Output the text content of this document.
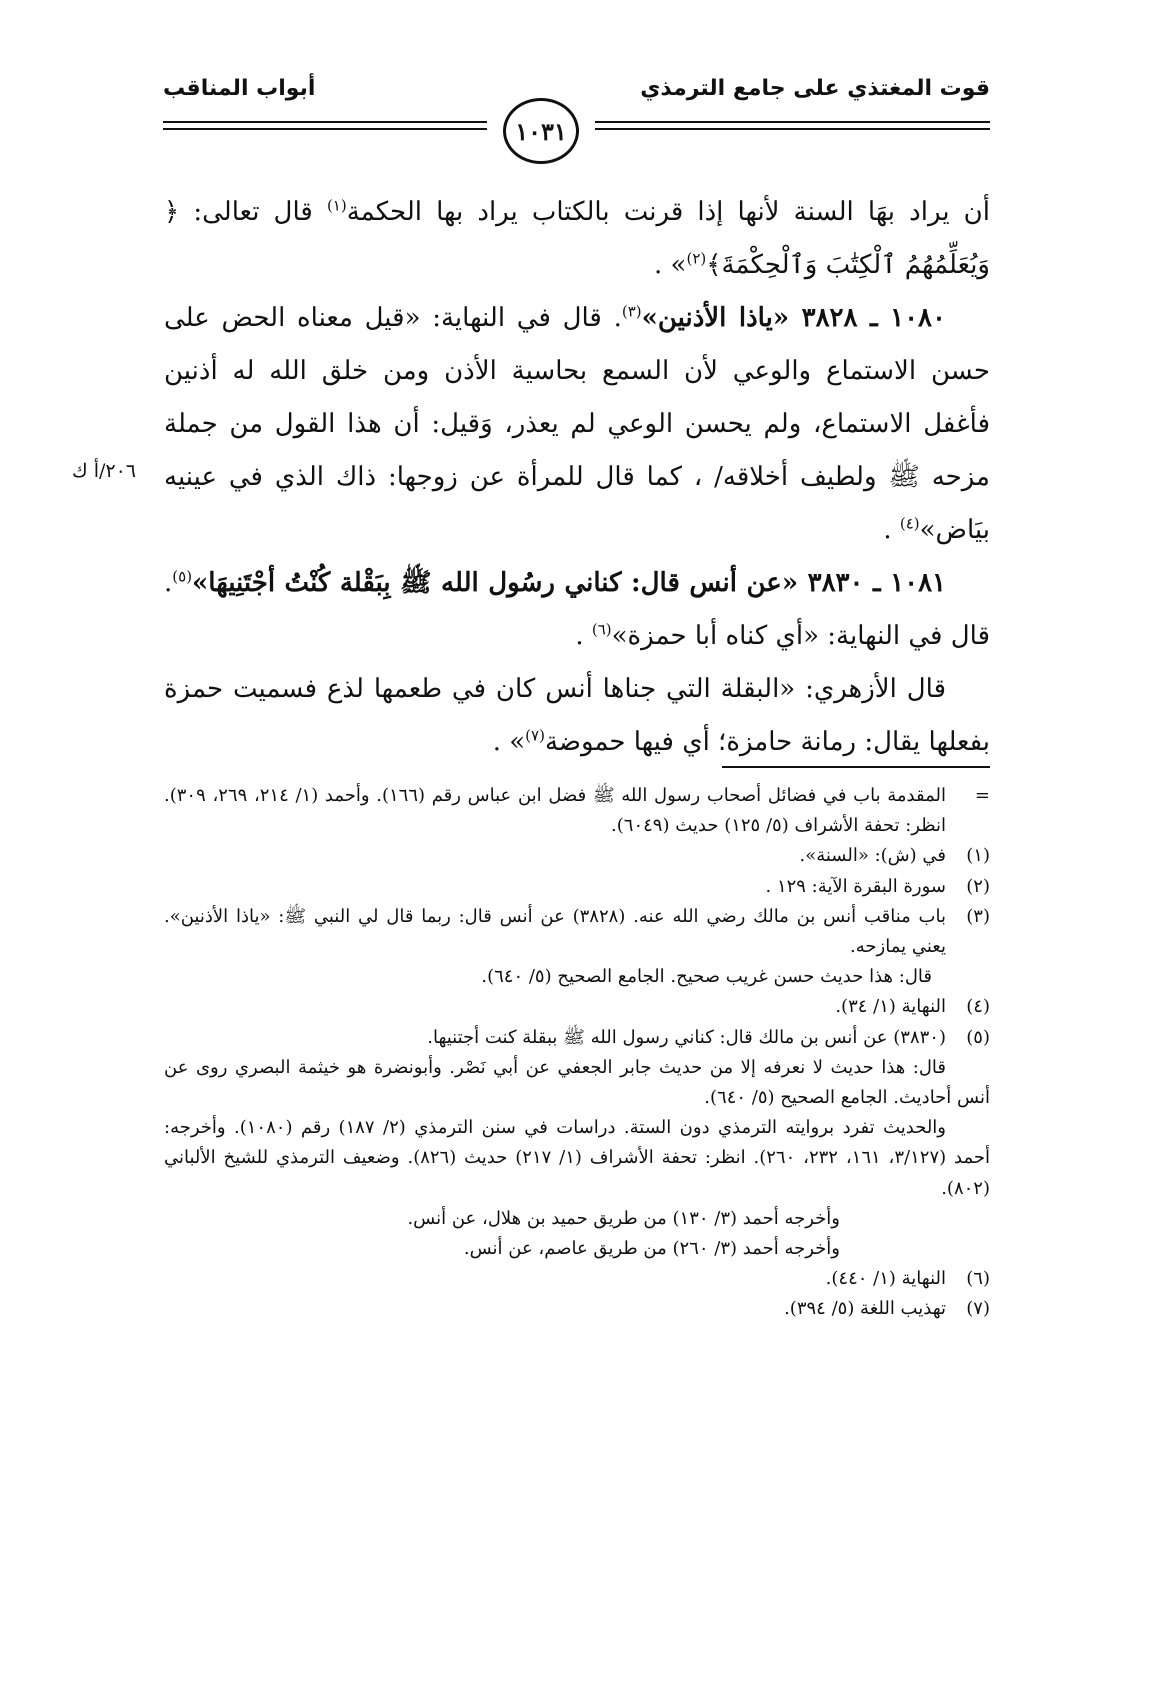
قوت المغتذي على جامع الترمذي
أبواب المناقب
١٠٣١

أن يراد بهَا السنة لأنها إذا قرنت بالكتاب يراد بها الحكمة$^{(١)}$ قال تعالى: ﴿ وَيُعَلِّمُهُمُ ٱلْكِتَٰبَ وَٱلْحِكْمَةَ﴾$^{(٢)}$» .

١٠٨٠ ـ ٣٨٢٨ «ياذا الأذنين»$^{(٣)}$. قال في النهاية: «قيل معناه الحض على حسن الاستماع والوعي لأن السمع بحاسية الأذن ومن خلق الله له أذنين فأغفل الاستماع، ولم يحسن الوعي لم يعذر، وَقيل: أن هذا القول من جملة مزحه ﷺ ولطيف أخلاقه/ ، كما قال للمرأة عن زوجها: ذاك الذي في عينيه بيَاض»$^{(٤)}$ .

١٠٨١ ـ ٣٨٣٠ «عن أنس قال: كناني رسُول الله ﷺ بِبَقْلة كُنْتُ أجْتَنِيهَا»$^{(٥)}$. قال في النهاية: «أي كناه أبا حمزة»$^{(٦)}$ .

قال الأزهري: «البقلة التي جناها أنس كان في طعمها لذع فسميت حمزة بفعلها يقال: رمانة حامزة؛ أي فيها حموضة$^{(٧)}$» .

٢٠٦/أ ك
=
المقدمة باب في فضائل أصحاب رسول الله ﷺ فضل ابن عباس رقم (١٦٦). وأحمد (١/ ٢١٤، ٢٦٩، ٣٠٩). انظر: تحفة الأشراف (٥/ ١٢٥) حديث (٦٠٤٩).
(١)
في (ش): «السنة».
(٢)
سورة البقرة الآية: ١٢٩ .
(٣)
باب مناقب أنس بن مالك رضي الله عنه. (٣٨٢٨) عن أنس قال: ربما قال لي النبي ﷺ: «ياذا الأذنين». يعني يمازحه.
قال: هذا حديث حسن غريب صحيح. الجامع الصحيح (٥/ ٦٤٠).
(٤)
النهاية (١/ ٣٤).
(٥)
(٣٨٣٠) عن أنس بن مالك قال: كناني رسول الله ﷺ ببقلة كنت أجتنيها.
قال: هذا حديث لا نعرفه إلا من حديث جابر الجعفي عن أبي نَصْر. وأبونضرة هو خيثمة البصري روى عن أنس أحاديث. الجامع الصحيح (٥/ ٦٤٠).
والحديث تفرد بروايته الترمذي دون الستة. دراسات في سنن الترمذي (٢/ ١٨٧) رقم (١٠٨٠). وأخرجه: أحمد (٣/١٢٧، ١٦١، ٢٣٢، ٢٦٠). انظر: تحفة الأشراف (١/ ٢١٧) حديث (٨٢٦). وضعيف الترمذي للشيخ الألباني (٨٠٢).
وأخرجه أحمد (٣/ ١٣٠) من طريق حميد بن هلال، عن أنس.
وأخرجه أحمد (٣/ ٢٦٠) من طريق عاصم، عن أنس.
(٦)
النهاية (١/ ٤٤٠).
(٧)
تهذيب اللغة (٥/ ٣٩٤).
